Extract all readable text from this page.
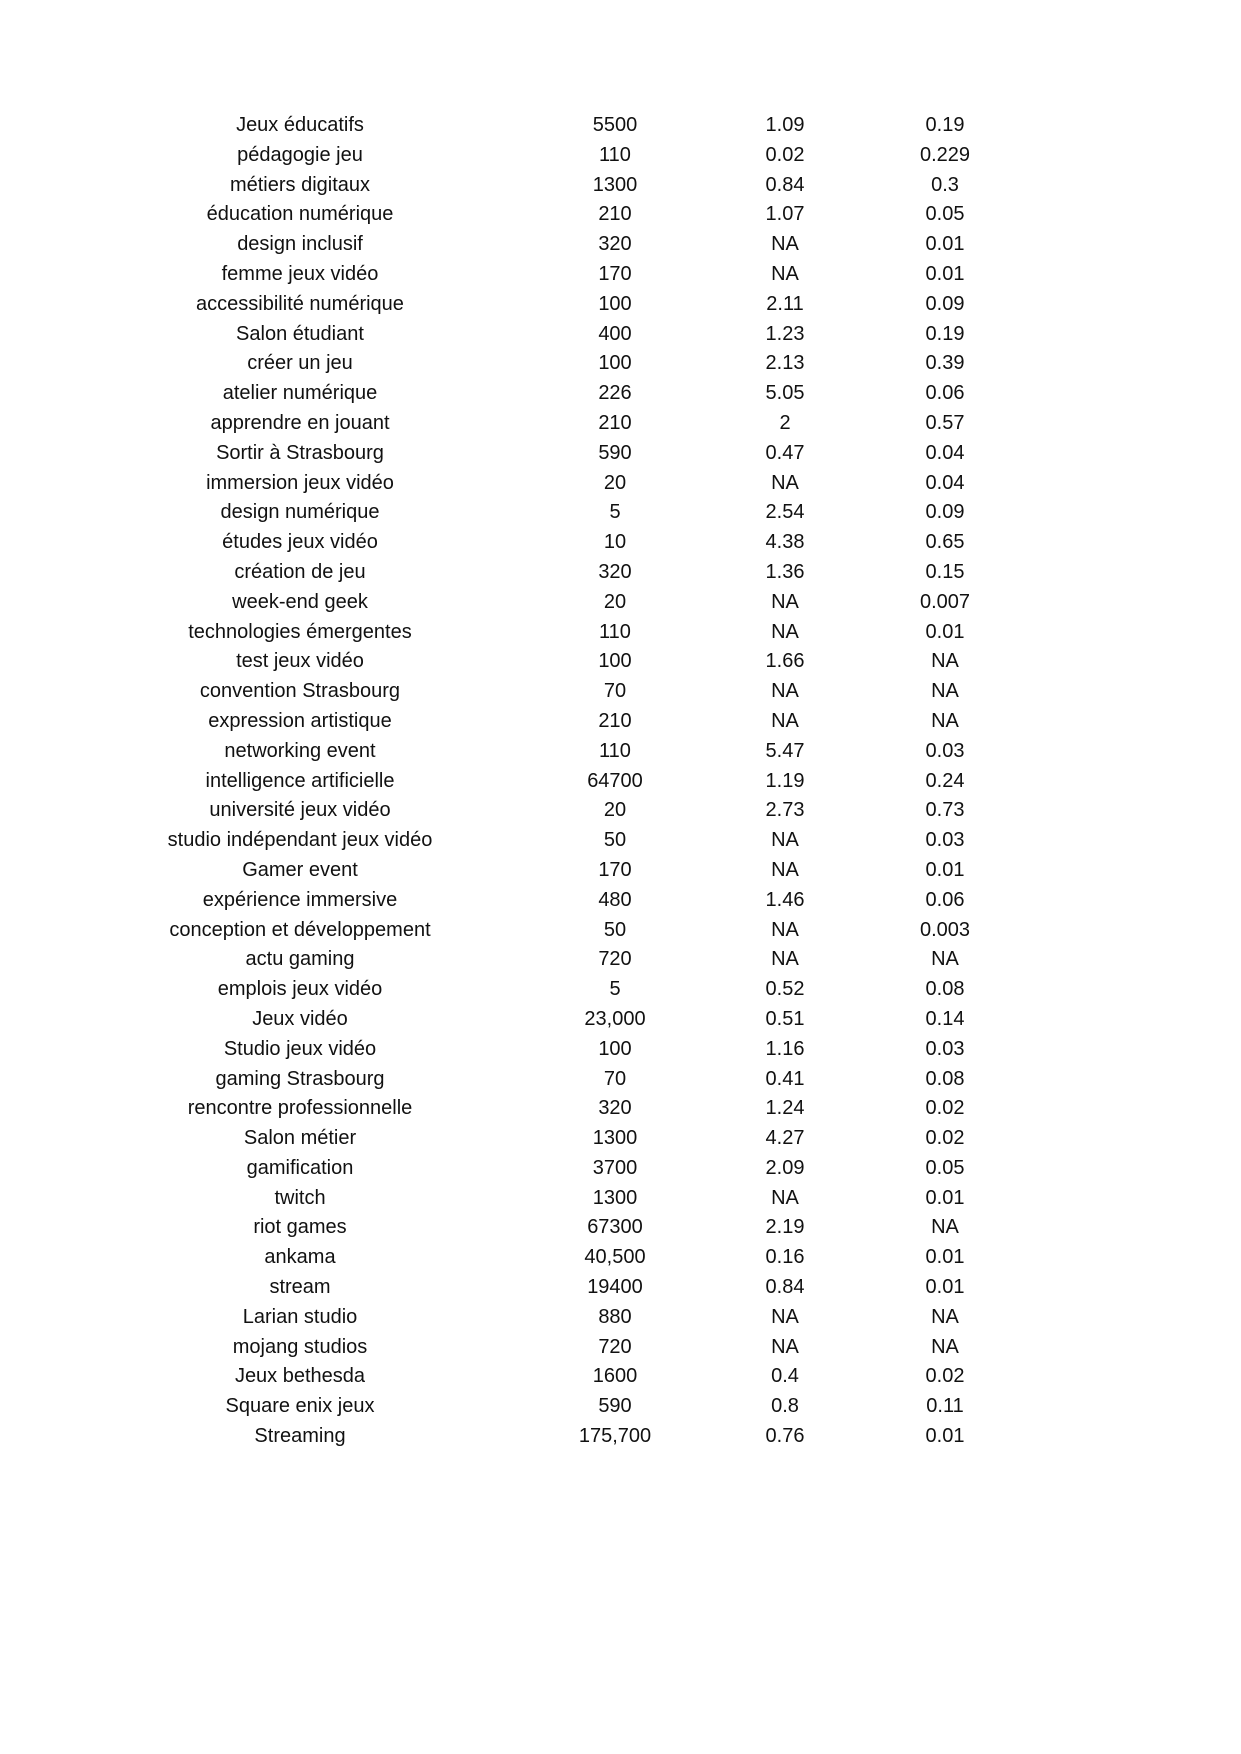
Jeux éducatifs	5500	1.09	0.19
pédagogie jeu	110	0.02	0.229
métiers digitaux	1300	0.84	0.3
éducation numérique	210	1.07	0.05
design inclusif	320	NA	0.01
femme jeux vidéo	170	NA	0.01
accessibilité numérique	100	2.11	0.09
Salon étudiant	400	1.23	0.19
créer un jeu	100	2.13	0.39
atelier numérique	226	5.05	0.06
apprendre en jouant	210	2	0.57
Sortir à Strasbourg	590	0.47	0.04
immersion jeux vidéo	20	NA	0.04
design numérique	5	2.54	0.09
études jeux vidéo	10	4.38	0.65
création de jeu	320	1.36	0.15
week-end geek	20	NA	0.007
technologies émergentes	110	NA	0.01
test jeux vidéo	100	1.66	NA
convention Strasbourg	70	NA	NA
expression artistique	210	NA	NA
networking event	110	5.47	0.03
intelligence artificielle	64700	1.19	0.24
université jeux vidéo	20	2.73	0.73
studio indépendant jeux vidéo	50	NA	0.03
Gamer event	170	NA	0.01
expérience immersive	480	1.46	0.06
conception et développement	50	NA	0.003
actu gaming	720	NA	NA
emplois jeux vidéo	5	0.52	0.08
Jeux vidéo	23,000	0.51	0.14
Studio jeux vidéo	100	1.16	0.03
gaming Strasbourg	70	0.41	0.08
rencontre professionnelle	320	1.24	0.02
Salon métier	1300	4.27	0.02
gamification	3700	2.09	0.05
twitch	1300	NA	0.01
riot games	67300	2.19	NA
ankama	40,500	0.16	0.01
stream	19400	0.84	0.01
Larian studio	880	NA	NA
mojang studios	720	NA	NA
Jeux bethesda	1600	0.4	0.02
Square enix jeux	590	0.8	0.11
Streaming	175,700	0.76	0.01
